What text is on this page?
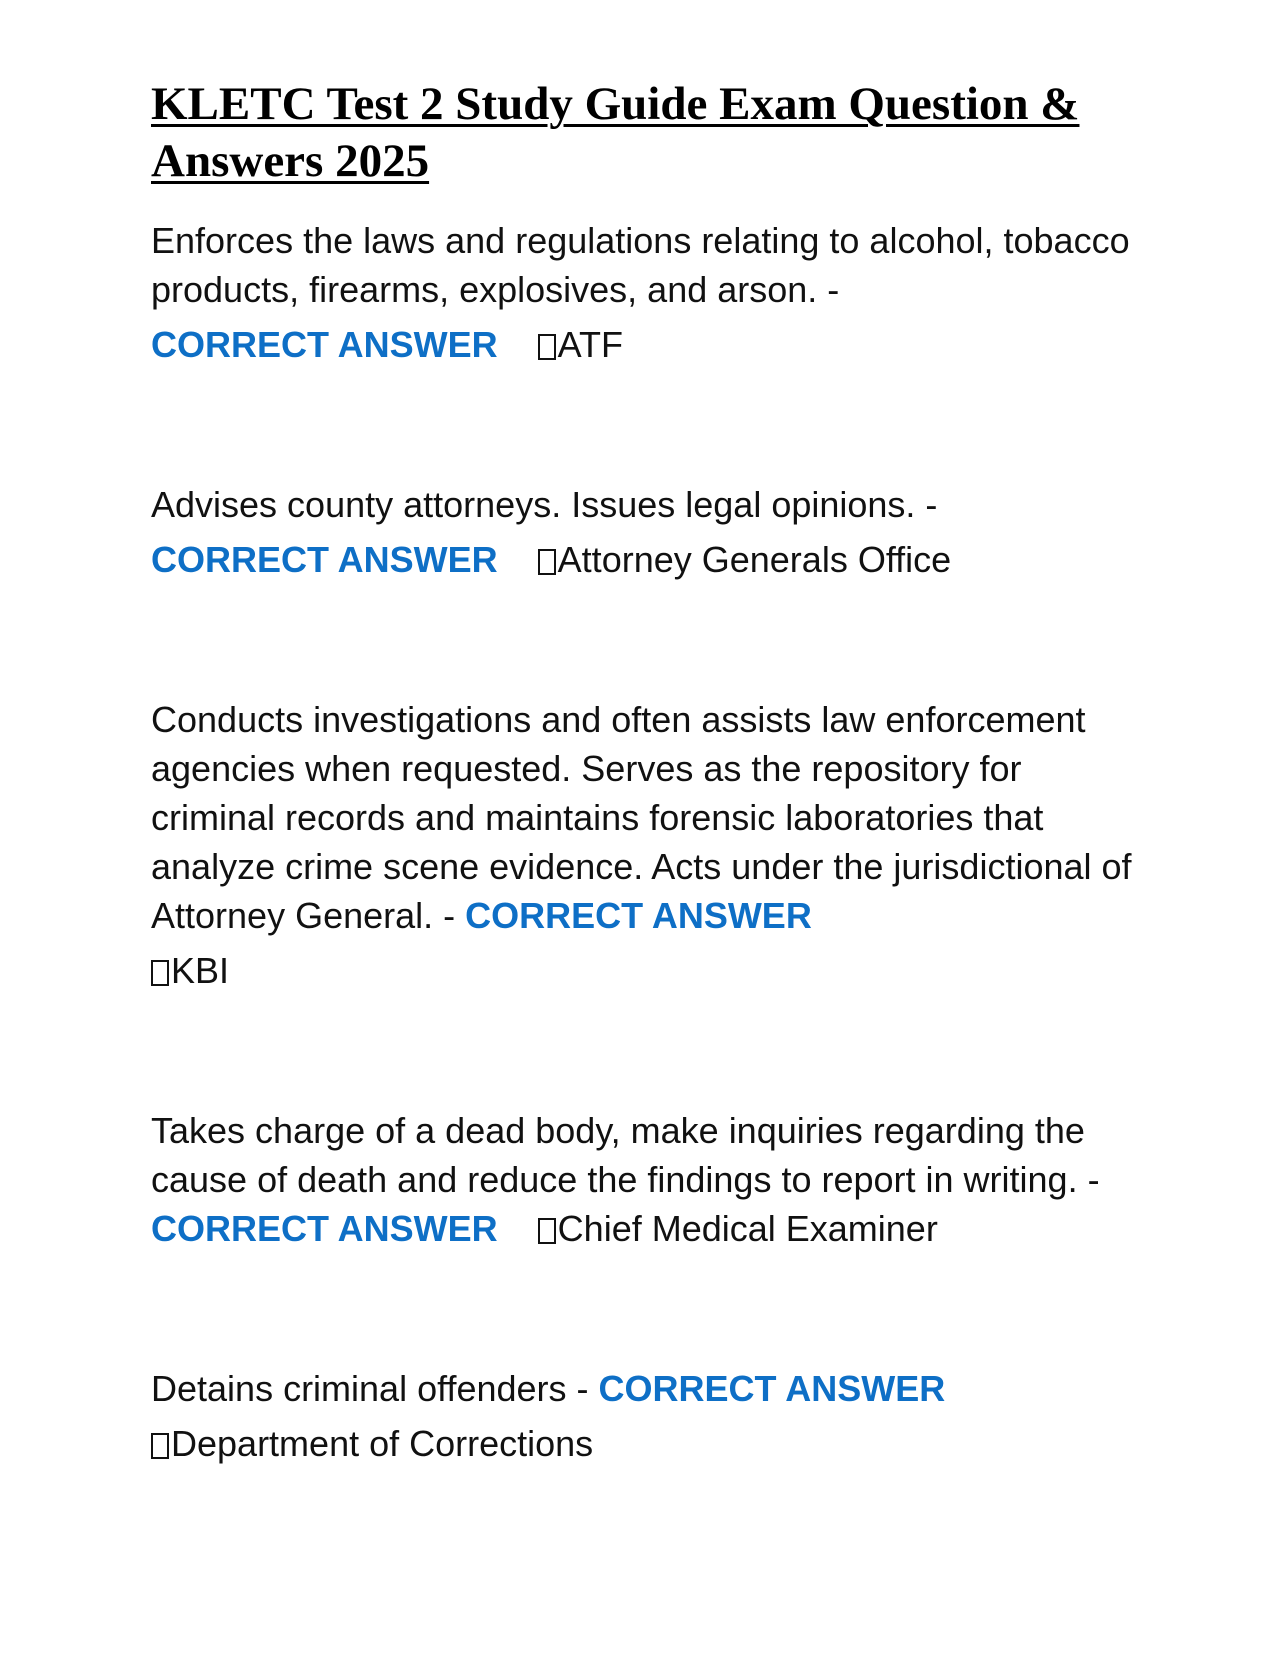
KLETC Test 2 Study Guide Exam Question & Answers 2025
Enforces the laws and regulations relating to alcohol, tobacco products, firearms, explosives, and arson. -
CORRECT ANSWER ATF
Advises county attorneys. Issues legal opinions. -
CORRECT ANSWER Attorney Generals Office
Conducts investigations and often assists law enforcement agencies when requested. Serves as the repository for criminal records and maintains forensic laboratories that analyze crime scene evidence. Acts under the jurisdictional of Attorney General. - CORRECT ANSWER
KBI
Takes charge of a dead body, make inquiries regarding the cause of death and reduce the findings to report in writing. - CORRECT ANSWER Chief Medical Examiner
Detains criminal offenders - CORRECT ANSWER
Department of Corrections
